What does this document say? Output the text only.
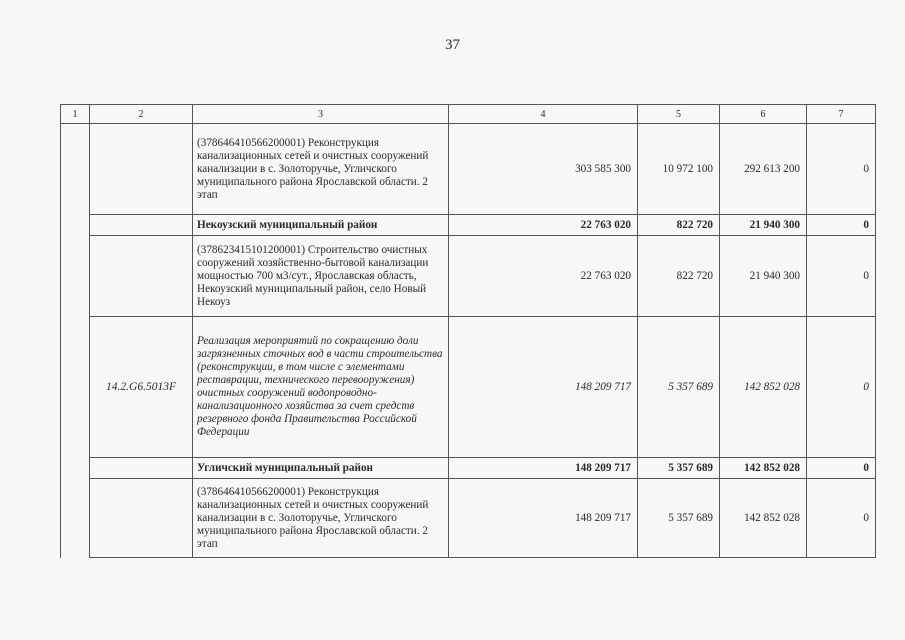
37
1	2	3	4	5	6	7
		(378646410566200001) Реконструкция канализационных сетей и очистных сооружений канализации в с. Золоторучье, Угличского муниципального района Ярославской области. 2 этап	303 585 300	10 972 100	292 613 200	0
		Некоузский муниципальный район	22 763 020	822 720	21 940 300	0
		(378623415101200001) Строительство очистных сооружений хозяйственно-бытовой канализации мощностью 700 м3/сут., Ярославская область, Некоузский муниципальный район, село Новый Некоуз	22 763 020	822 720	21 940 300	0
	14.2.G6.5013F	Реализация мероприятий по сокращению доли загрязненных сточных вод в части строительства (реконструкции, в том числе с элементами реставрации, технического перевооружения) очистных сооружений водопроводно-канализационного хозяйства за счет средств резервного фонда Правительства Российской Федерации	148 209 717	5 357 689	142 852 028	0
		Угличский муниципальный район	148 209 717	5 357 689	142 852 028	0
		(378646410566200001) Реконструкция канализационных сетей и очистных сооружений канализации в с. Золоторучье, Угличского муниципального района Ярославской области. 2 этап	148 209 717	5 357 689	142 852 028	0
